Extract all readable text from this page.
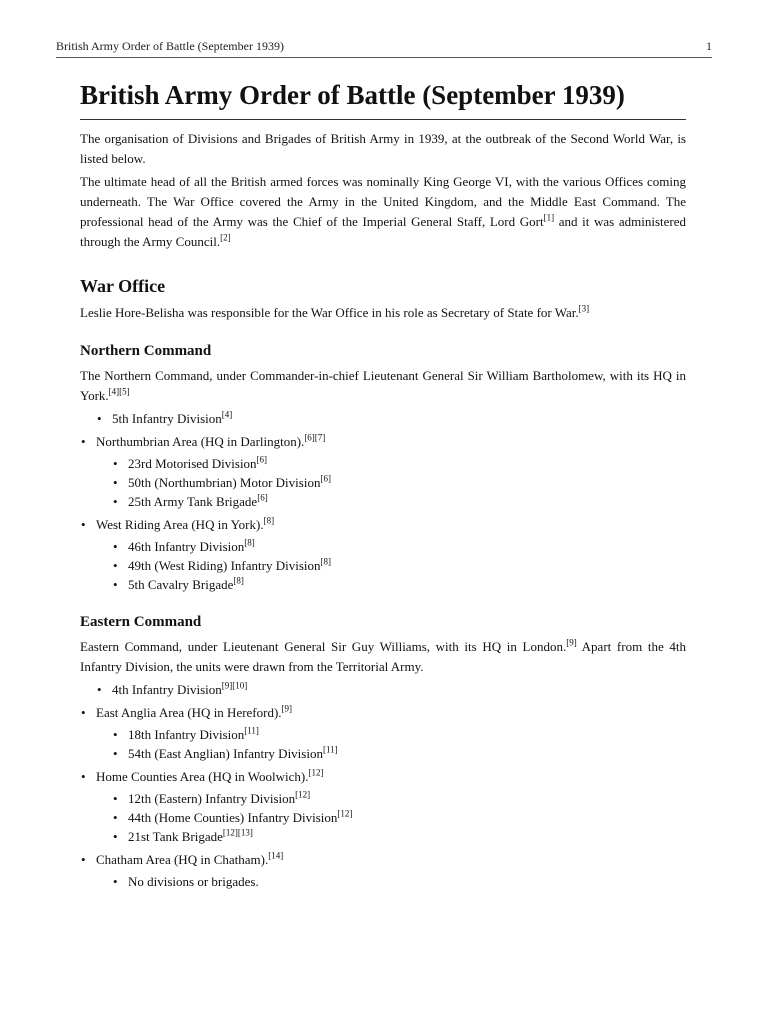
British Army Order of Battle (September 1939)	1
British Army Order of Battle (September 1939)

The organisation of Divisions and Brigades of British Army in 1939, at the outbreak of the Second World War, is listed below.

The ultimate head of all the British armed forces was nominally King George VI, with the various Offices coming underneath. The War Office covered the Army in the United Kingdom, and the Middle East Command. The professional head of the Army was the Chief of the Imperial General Staff, Lord Gort[1] and it was administered through the Army Council.[2]

War Office

Leslie Hore-Belisha was responsible for the War Office in his role as Secretary of State for War.[3]

Northern Command

The Northern Command, under Commander-in-chief Lieutenant General Sir William Bartholomew, with its HQ in York.[4][5]

• 5th Infantry Division[4]
• Northumbrian Area (HQ in Darlington).[6][7]
• 23rd Motorised Division[6]
• 50th (Northumbrian) Motor Division[6]
• 25th Army Tank Brigade[6]
• West Riding Area (HQ in York).[8]
• 46th Infantry Division[8]
• 49th (West Riding) Infantry Division[8]
• 5th Cavalry Brigade[8]
Eastern Command

Eastern Command, under Lieutenant General Sir Guy Williams, with its HQ in London.[9] Apart from the 4th Infantry Division, the units were drawn from the Territorial Army.

• 4th Infantry Division[9][10]
• East Anglia Area (HQ in Hereford).[9]
• 18th Infantry Division[11]
• 54th (East Anglian) Infantry Division[11]
• Home Counties Area (HQ in Woolwich).[12]
• 12th (Eastern) Infantry Division[12]
• 44th (Home Counties) Infantry Division[12]
• 21st Tank Brigade[12][13]
• Chatham Area (HQ in Chatham).[14]
• No divisions or brigades.
